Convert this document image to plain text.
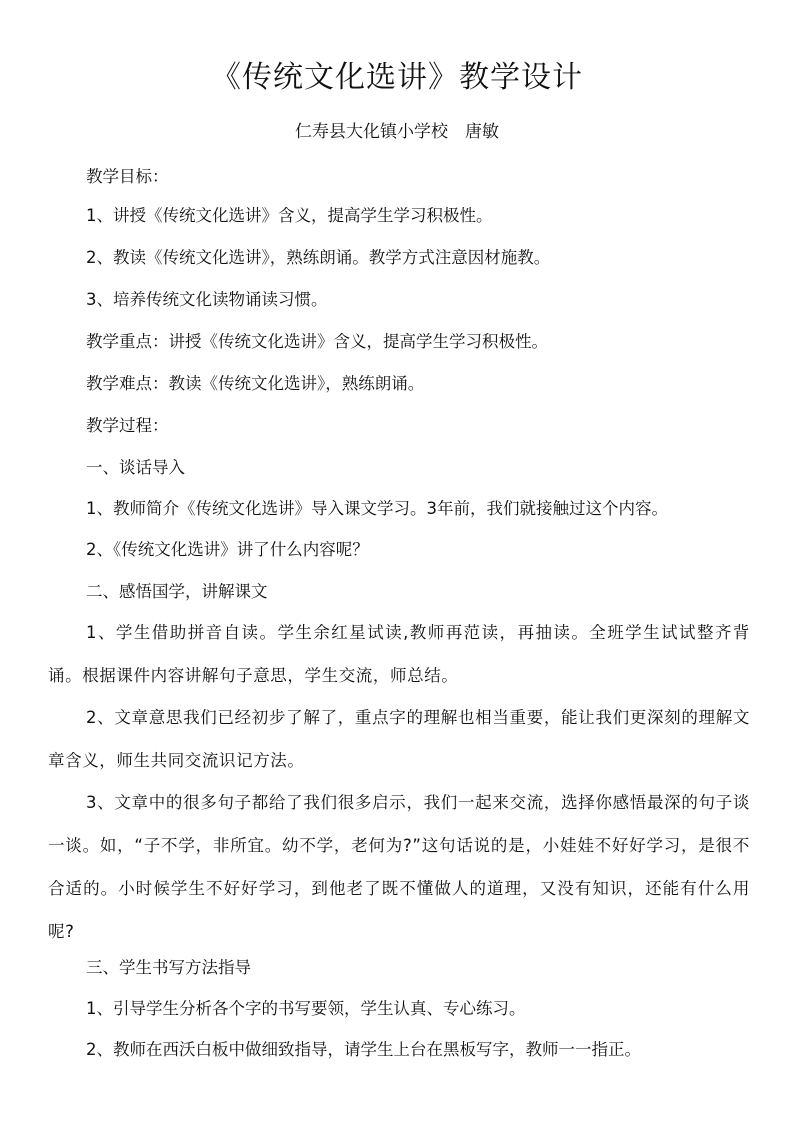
《传统文化选讲》教学设计
仁寿县大化镇小学校　唐敏
教学目标：
1、讲授《传统文化选讲》含义，提高学生学习积极性。
2、教读《传统文化选讲》，熟练朗诵。教学方式注意因材施教。
3、培养传统文化读物诵读习惯。
教学重点：讲授《传统文化选讲》含义，提高学生学习积极性。
教学难点：教读《传统文化选讲》，熟练朗诵。
教学过程：
一、谈话导入
1、教师简介《传统文化选讲》导入课文学习。3年前，我们就接触过这个内容。
2、《传统文化选讲》讲了什么内容呢？
二、感悟国学，讲解课文
1、学生借助拼音自读。学生余红星试读,教师再范读，再抽读。全班学生试试整齐背诵。根据课件内容讲解句子意思，学生交流，师总结。
2、文章意思我们已经初步了解了，重点字的理解也相当重要，能让我们更深刻的理解文章含义，师生共同交流识记方法。
3、文章中的很多句子都给了我们很多启示，我们一起来交流，选择你感悟最深的句子谈一谈。如，“子不学，非所宜。幼不学，老何为?”这句话说的是，小娃娃不好好学习，是很不合适的。小时候学生不好好学习，到他老了既不懂做人的道理，又没有知识，还能有什么用呢?
三、学生书写方法指导
1、引导学生分析各个字的书写要领，学生认真、专心练习。
2、教师在西沃白板中做细致指导，请学生上台在黑板写字，教师一一指正。
